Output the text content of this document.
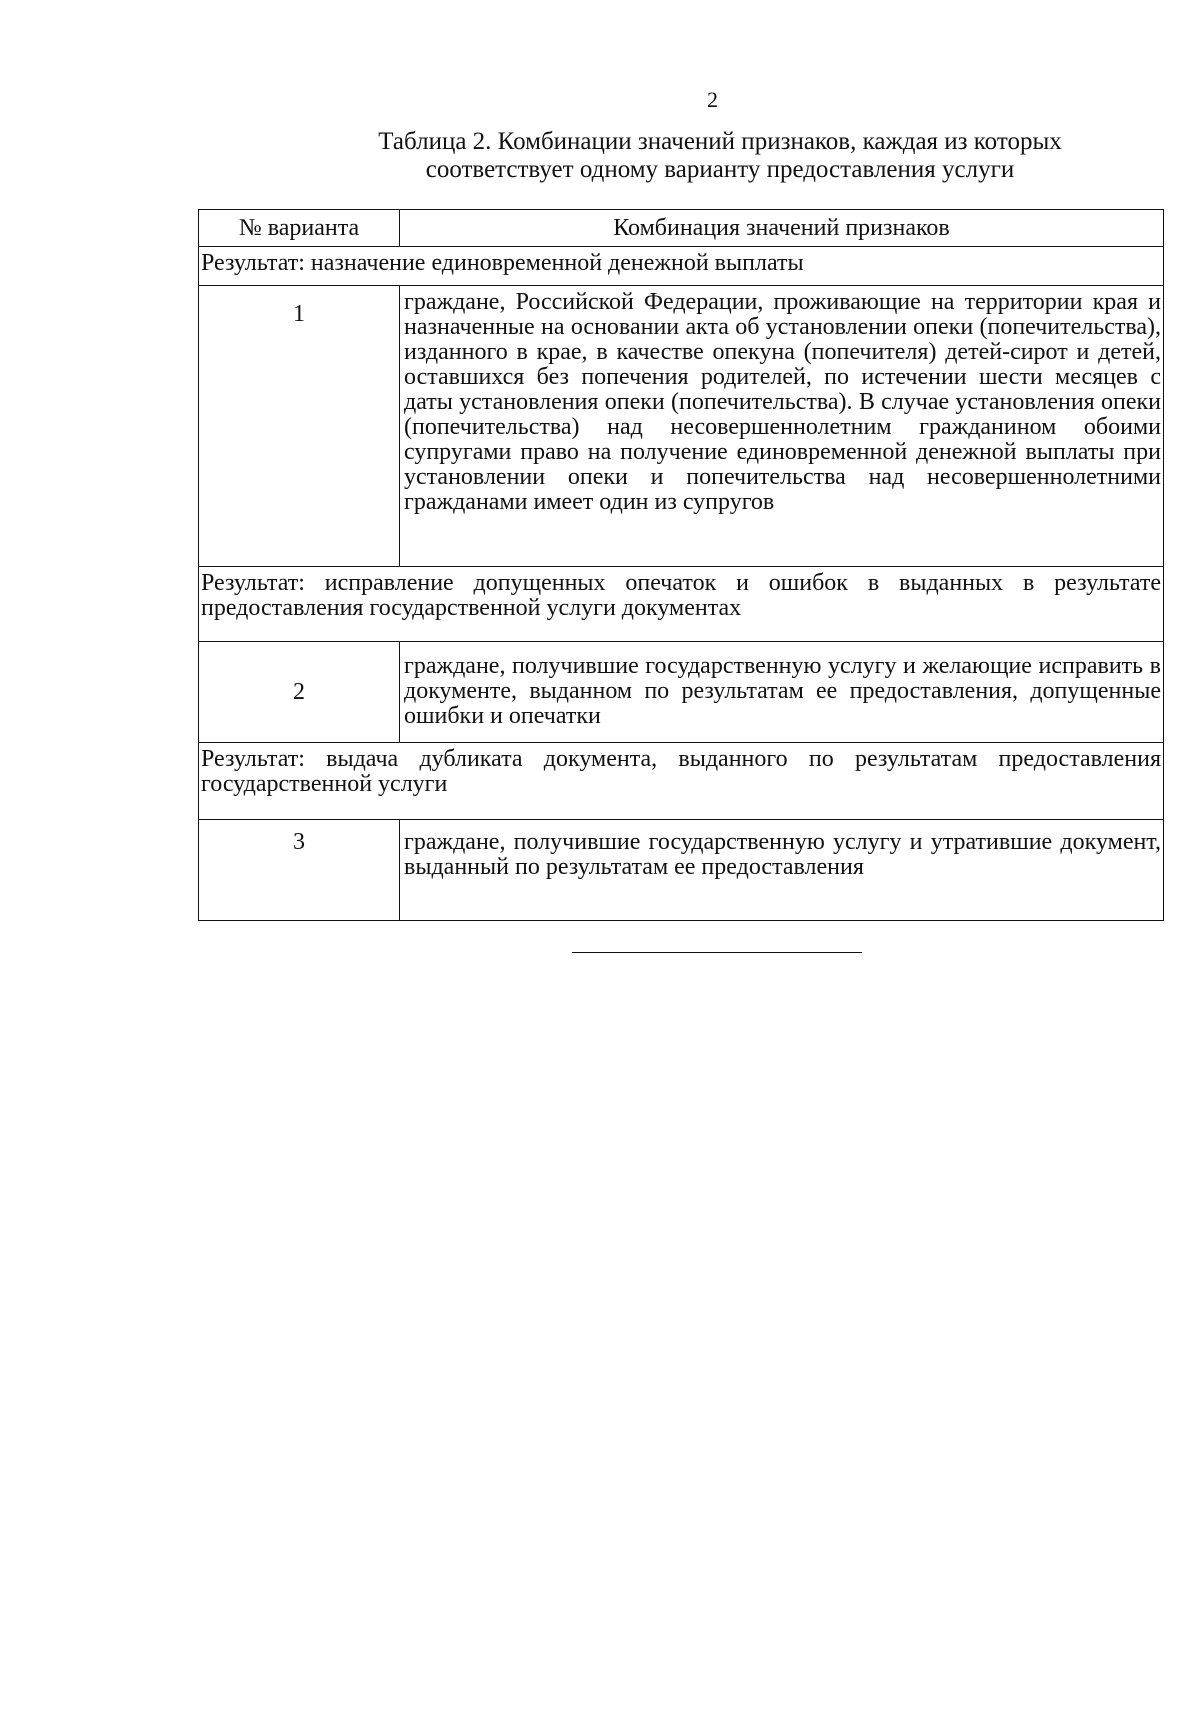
2
Таблица 2. Комбинации значений признаков, каждая из которых
соответствует одному варианту предоставления услуги
№ варианта	Комбинация значений признаков
Результат: назначение единовременной денежной выплаты	
1	граждане, Российской Федерации, проживающие на территории края и назначенные на основании акта об установлении опеки (попечительства), изданного в крае, в качестве опекуна (попечителя) детей-сирот и детей, оставшихся без попечения родителей, по истечении шести месяцев с даты установления опеки (попечительства). В случае установления опеки (попечительства) над несовершеннолетним гражданином обоими супругами право на получение единовременной денежной выплаты при установлении опеки и попечительства над несовершеннолетними гражданами имеет один из супругов
Результат: исправление допущенных опечаток и ошибок в выданных в результате предоставления государственной услуги документах	
2	граждане, получившие государственную услугу и желающие исправить в документе, выданном по результатам ее предоставления, допущенные ошибки и опечатки
Результат: выдача дубликата документа, выданного по результатам предоставления государственной услуги	
3	граждане, получившие государственную услугу и утратившие документ, выданный по результатам ее предоставления
